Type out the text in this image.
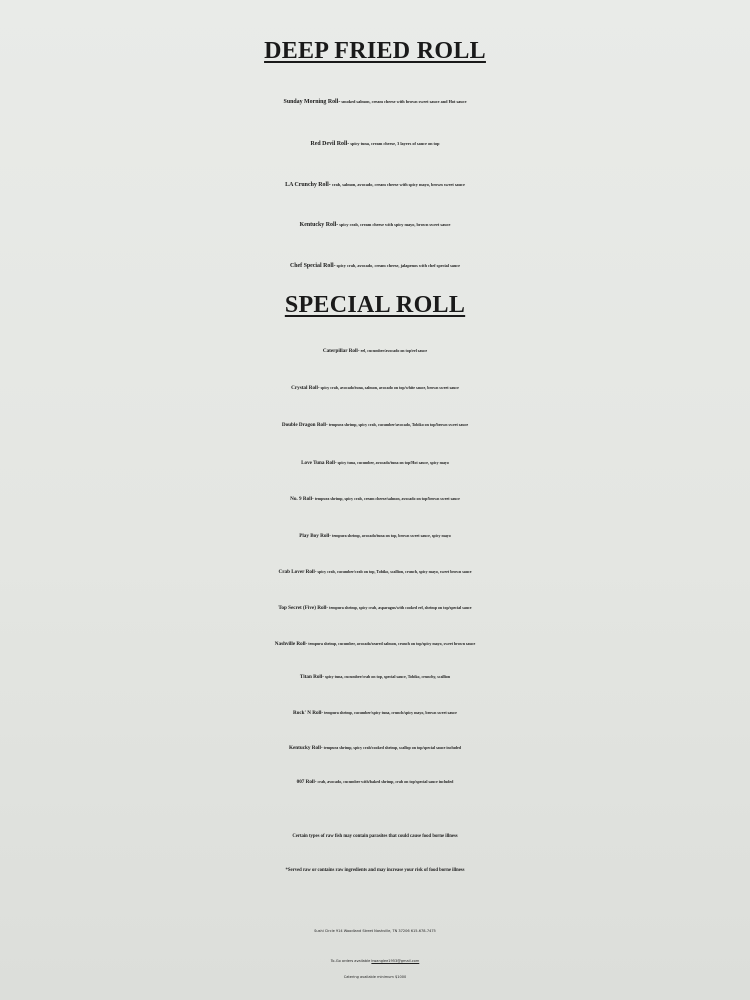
DEEP FRIED ROLL
Sunday Morning Roll- smoked salmon, cream cheese with brown sweet sauce and Hot sauce
Red Devil Roll- spicy tuna, cream cheese, 3 layers of sauce on top
LA Crunchy Roll- crab, salmon, avocado, cream cheese with spicy mayo, brown sweet sauce
Kentucky Roll- spicy crab, cream cheese with spicy mayo, brown sweet sauce
Chef Special Roll- spicy crab, avocado, cream cheese, jalapenos with chef special sauce
SPECIAL ROLL
Caterpillar Roll- eel, cucumber/avocado on top/eel sauce
Crystal Roll- spicy crab, avocado/tuna, salmon, avocado on top/white sauce, brown sweet sauce
Double Dragon Roll- tempura shrimp, spicy crab, cucumber/avocado, Tobiko on top/brown sweet sauce
Love Tuna Roll- spicy tuna, cucumber, avocado/tuna on top/Hot sauce, spicy mayo
No. 9 Roll- tempura shrimp, spicy crab, cream cheese/salmon, avocado on top/brown sweet sauce
Play Boy Roll- tempura shrimp, avocado/tuna on top, brown sweet sauce, spicy mayo
Crab Lover Roll- spicy crab, cucumber/crab on top, Tobiko, scallion, crunch, spicy mayo, sweet brown sauce
Top Secret (Five) Roll- tempura shrimp, spicy crab, asparagus/with cooked eel, shrimp on top/special sauce
Nashville Roll- tempura shrimp, cucumber, avocado/seared salmon, crunch on top/spicy mayo, sweet brown sauce
Titan Roll- spicy tuna, cucumber/crab on top, special sauce, Tobiko, crunchy, scallion
Rock' N Roll- tempura shrimp, cucumber/spicy tuna, crunch/spicy mayo, brown sweet sauce
Kentucky Roll- tempura shrimp, spicy crab/cooked shrimp, scallop on top/special sauce included
007 Roll- crab, avocado, cucumber with/baked shrimp, crab on top/special sauce included
Certain types of raw fish may contain parasites that could cause food borne illness
*Served raw or contains raw ingredients and may increase your risk of food borne illness
Sushi Circle 914 Woodland Street Nashville, TN 37206 615-678-7475
To-Go orders available kwanglee1953@gmail.com
Catering available minimum $1000
